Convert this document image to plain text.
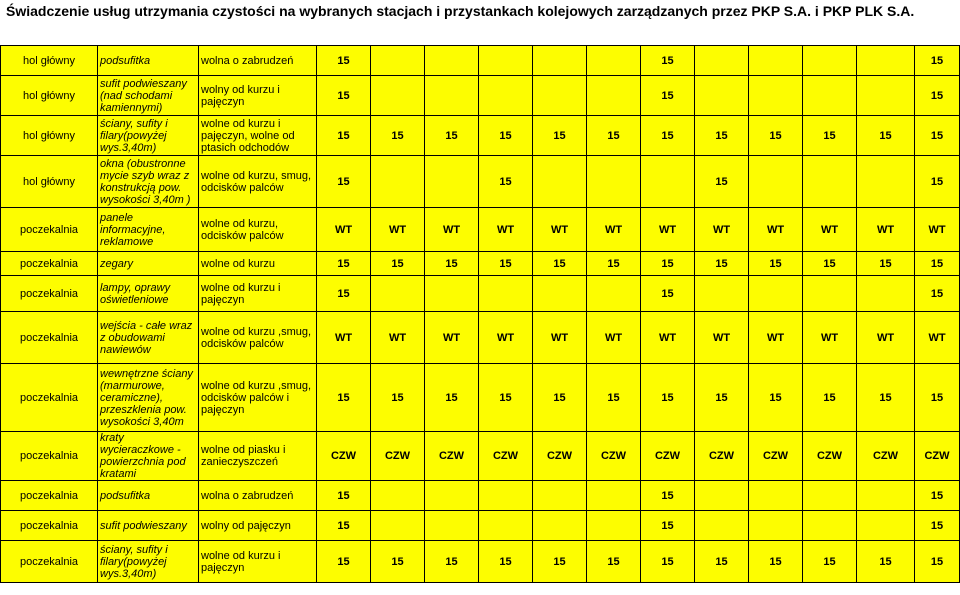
Świadczenie usług utrzymania czystości na wybranych stacjach i przystankach kolejowych zarządzanych przez PKP S.A. i PKP PLK S.A.
hol główny	podsufitka	wolna o zabrudzeń	15						15					15
hol główny	sufit podwieszany (nad schodami kamiennymi)	wolny od kurzu i pajęczyn	15						15					15
hol główny	ściany, sufity i filary(powyżej wys.3,40m)	wolne od kurzu i pajęczyn, wolne od ptasich odchodów	15	15	15	15	15	15	15	15	15	15	15	15
hol główny	okna (obustronne mycie szyb wraz z konstrukcją pow. wysokości 3,40m )	wolne od kurzu, smug, odcisków palców	15			15				15				15
poczekalnia	panele informacyjne, reklamowe	wolne od kurzu, odcisków palców	WT	WT	WT	WT	WT	WT	WT	WT	WT	WT	WT	WT
poczekalnia	zegary	wolne od kurzu	15	15	15	15	15	15	15	15	15	15	15	15
poczekalnia	lampy, oprawy oświetleniowe	wolne od kurzu i pajęczyn	15						15					15
poczekalnia	wejścia - całe wraz z obudowami nawiewów	wolne od kurzu ,smug, odcisków palców	WT	WT	WT	WT	WT	WT	WT	WT	WT	WT	WT	WT
poczekalnia	wewnętrzne ściany (marmurowe, ceramiczne), przeszklenia pow. wysokości 3,40m	wolne od kurzu ,smug, odcisków palców i pajęczyn	15	15	15	15	15	15	15	15	15	15	15	15
poczekalnia	kraty wycieraczkowe - powierzchnia pod kratami	wolne od piasku i zanieczyszczeń	CZW	CZW	CZW	CZW	CZW	CZW	CZW	CZW	CZW	CZW	CZW	CZW
poczekalnia	podsufitka	wolna o zabrudzeń	15						15					15
poczekalnia	sufit podwieszany	wolny od pajęczyn	15						15					15
poczekalnia	ściany, sufity i filary(powyżej wys.3,40m)	wolne od kurzu i pajęczyn	15	15	15	15	15	15	15	15	15	15	15	15
